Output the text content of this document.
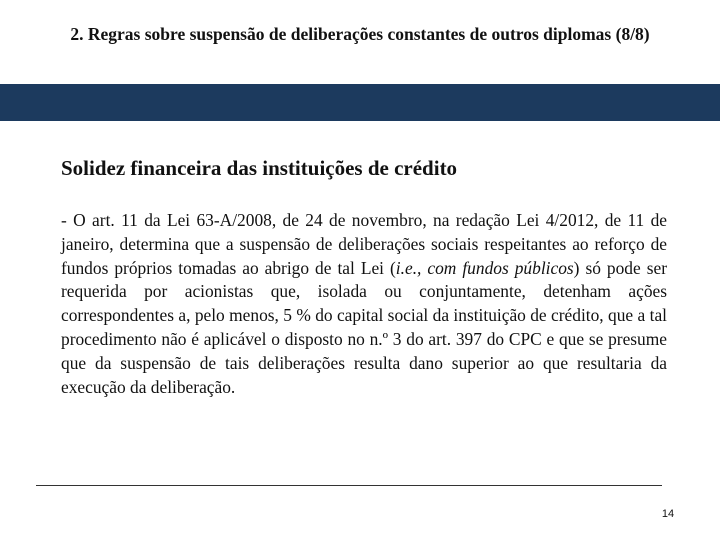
2. Regras sobre suspensão de deliberações constantes de outros diplomas (8/8)
Solidez financeira das instituições de crédito
- O art. 11 da Lei 63-A/2008, de 24 de novembro, na redação Lei 4/2012, de 11 de janeiro, determina que a suspensão de deliberações sociais respeitantes ao reforço de fundos próprios tomadas ao abrigo de tal Lei (i.e., com fundos públicos) só pode ser requerida por acionistas que, isolada ou conjuntamente, detenham ações correspondentes a, pelo menos, 5 % do capital social da instituição de crédito, que a tal procedimento não é aplicável o disposto no n.º 3 do art. 397 do CPC e que se presume que da suspensão de tais deliberações resulta dano superior ao que resultaria da execução da deliberação.
14
